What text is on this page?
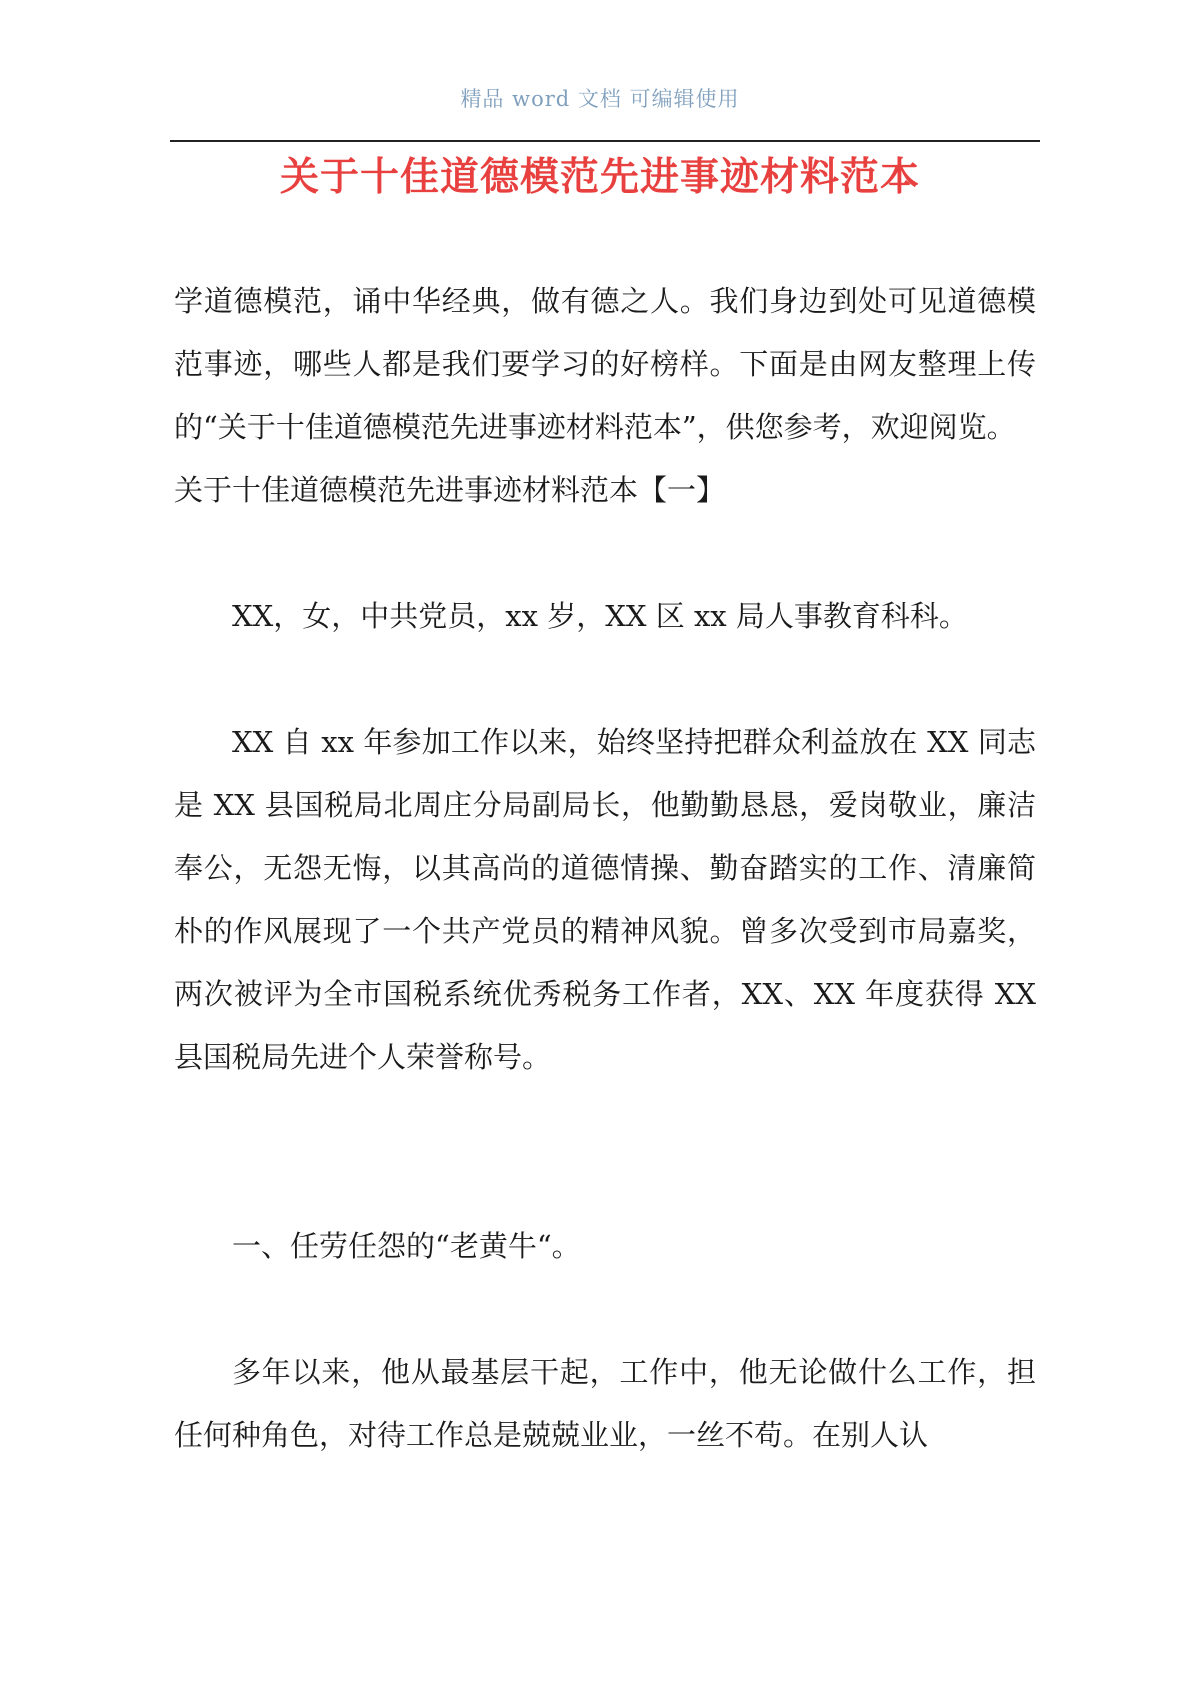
精品 word 文档 可编辑使用
关于十佳道德模范先进事迹材料范本

学道德模范，诵中华经典，做有德之人。我们身边到处可见道德模范事迹，哪些人都是我们要学习的好榜样。下面是由网友整理上传的“关于十佳道德模范先进事迹材料范本”，供您参考，欢迎阅览。

关于十佳道德模范先进事迹材料范本【一】

XX，女，中共党员，xx 岁，XX 区 xx 局人事教育科科。

XX 自 xx 年参加工作以来，始终坚持把群众利益放在 XX 同志是 XX 县国税局北周庄分局副局长，他勤勤恳恳，爱岗敬业，廉洁奉公，无怨无悔，以其高尚的道德情操、勤奋踏实的工作、清廉简朴的作风展现了一个共产党员的精神风貌。曾多次受到市局嘉奖，两次被评为全市国税系统优秀税务工作者，XX、XX 年度获得 XX 县国税局先进个人荣誉称号。

一、任劳任怨的“老黄牛“。

多年以来，他从最基层干起，工作中，他无论做什么工作，担任何种角色，对待工作总是兢兢业业，一丝不苟。在别人认
